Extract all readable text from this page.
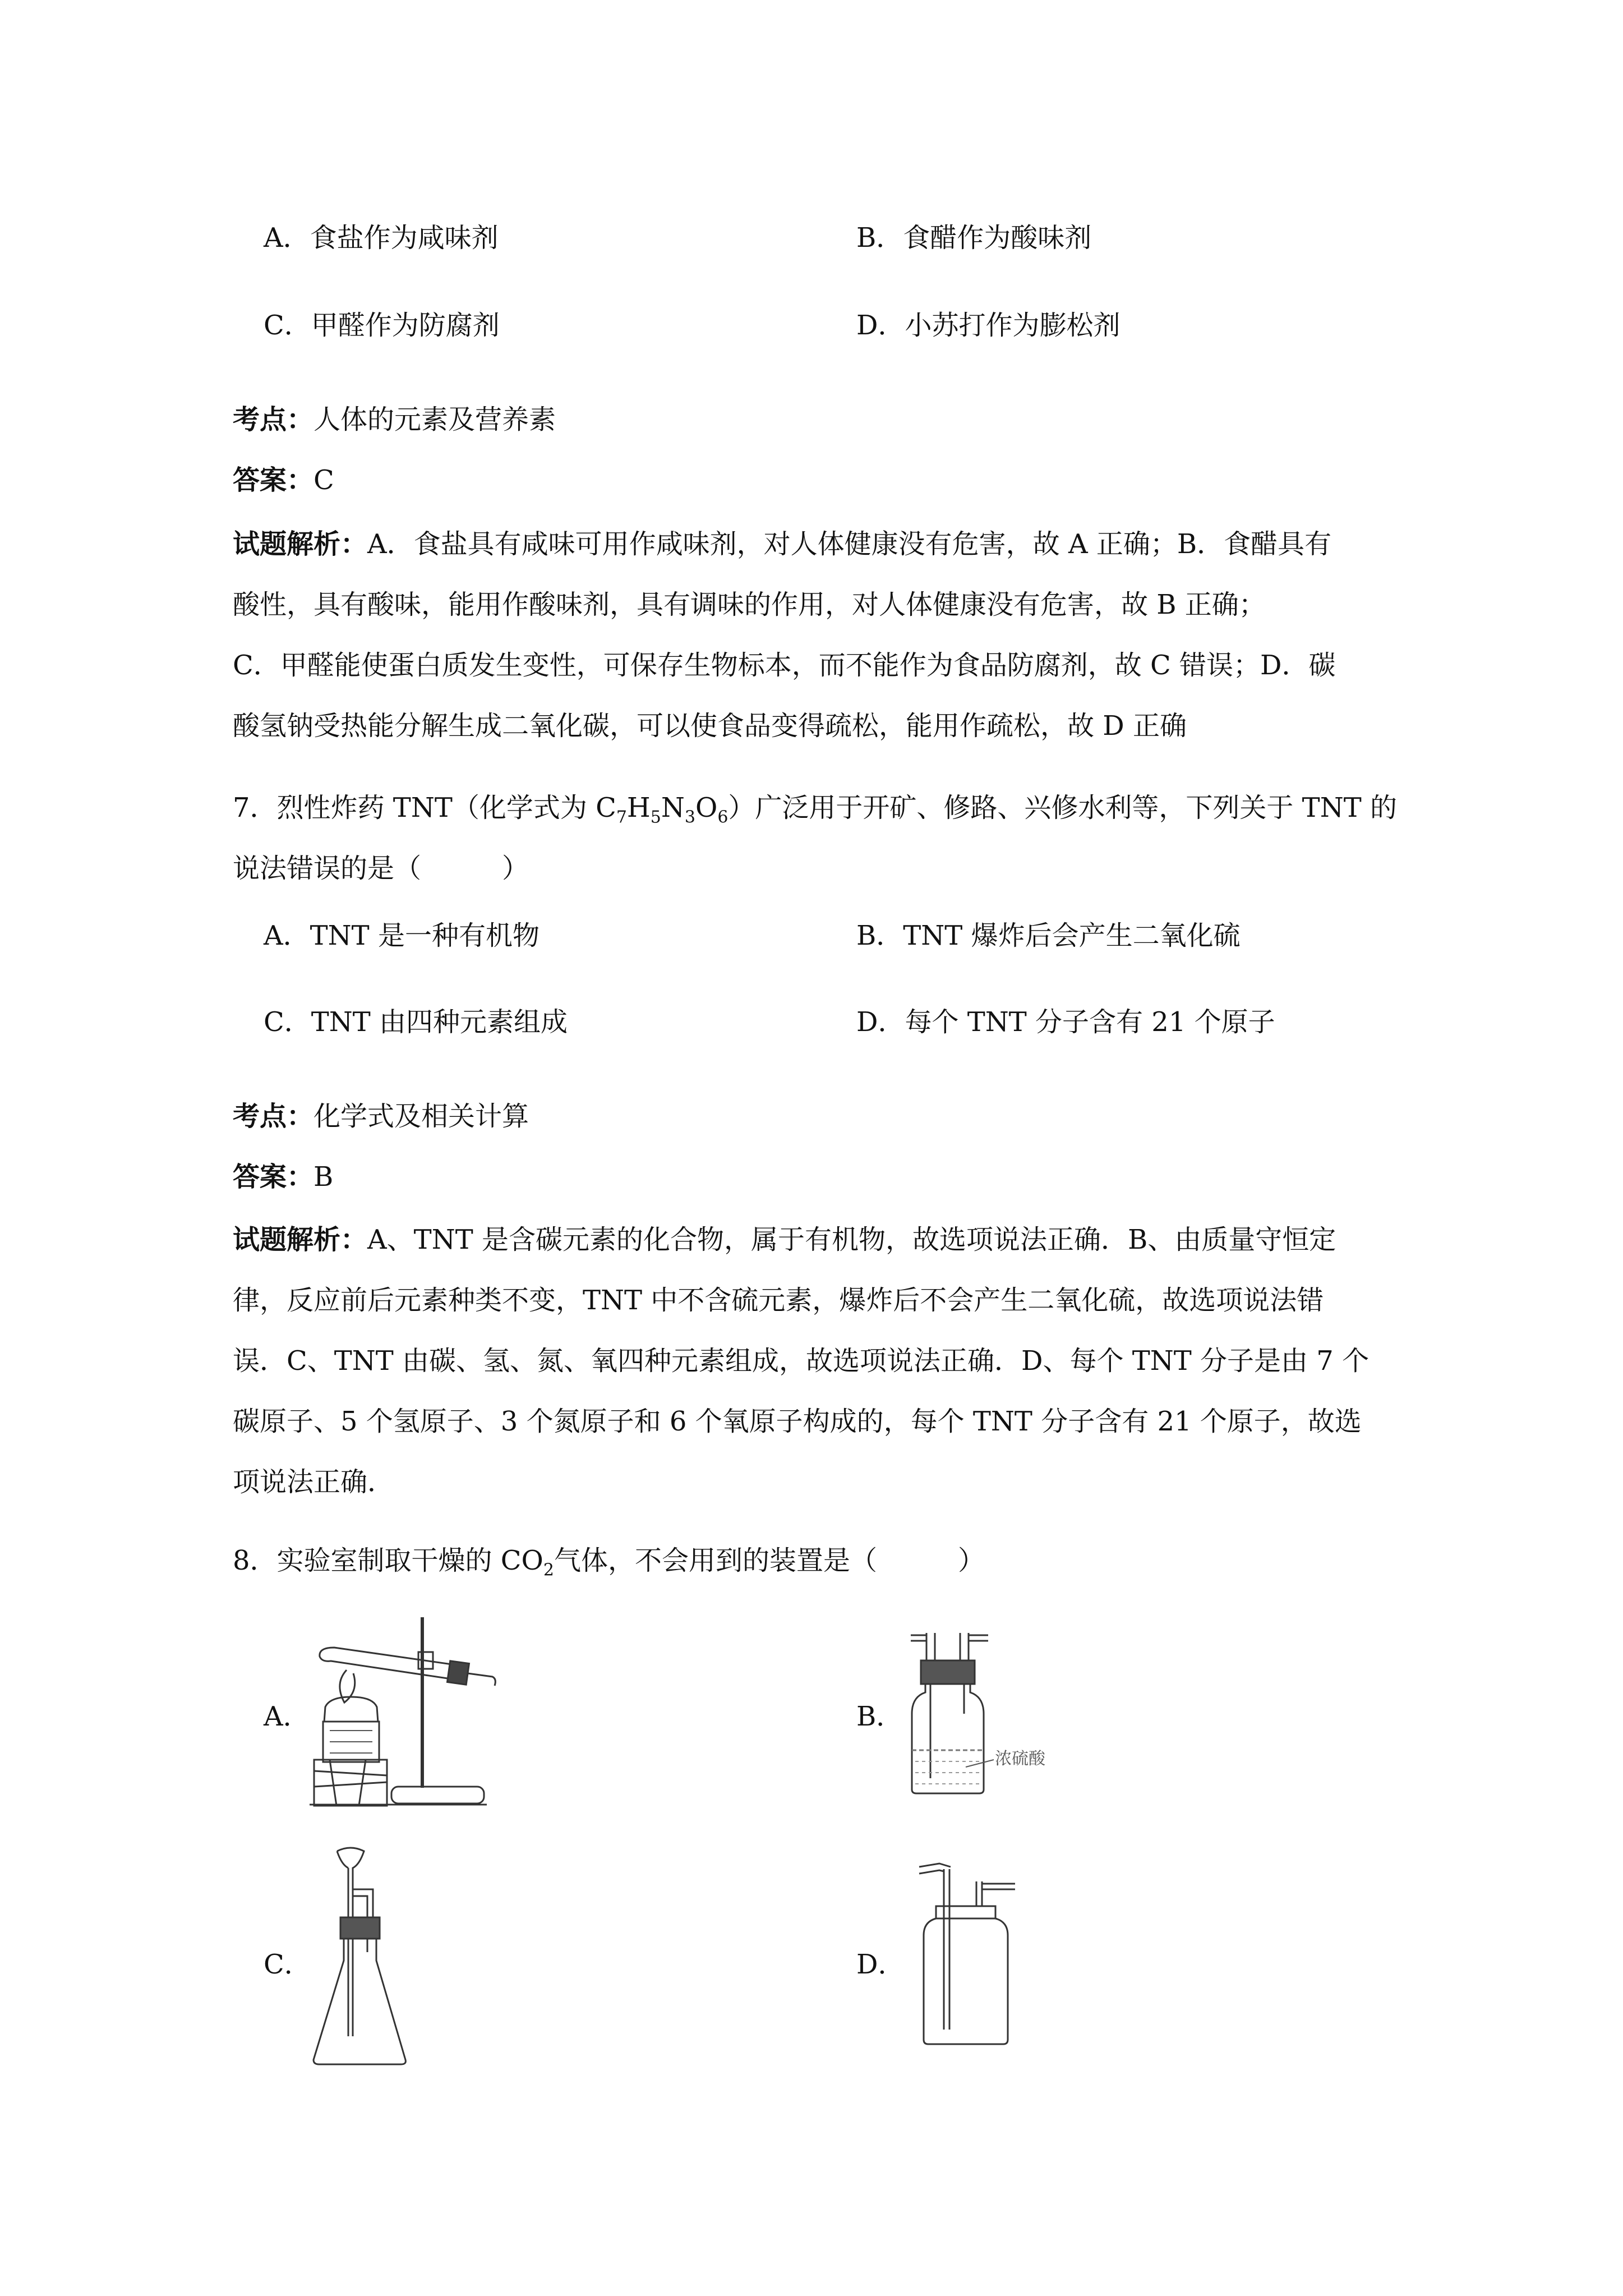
A．食盐作为咸味剂	B．食醋作为酸味剂
C．甲醛作为防腐剂	D．小苏打作为膨松剂
考点：人体的元素及营养素
答案：C
试题解析：A．食盐具有咸味可用作咸味剂，对人体健康没有危害，故 A 正确；B．食醋具有
酸性，具有酸味，能用作酸味剂，具有调味的作用，对人体健康没有危害，故 B 正确；
C．甲醛能使蛋白质发生变性，可保存生物标本，而不能作为食品防腐剂，故 C 错误；D．碳
酸氢钠受热能分解生成二氧化碳，可以使食品变得疏松，能用作疏松，故 D 正确
7．烈性炸药 TNT（化学式为 $C_7H_5N_3O_6$）广泛用于开矿、修路、兴修水利等，下列关于 TNT 的
说法错误的是（　　　）
A．TNT 是一种有机物	B．TNT 爆炸后会产生二氧化硫
C．TNT 由四种元素组成	D．每个 TNT 分子含有 21 个原子
考点：化学式及相关计算
答案：B
试题解析：A、TNT 是含碳元素的化合物，属于有机物，故选项说法正确．B、由质量守恒定
律，反应前后元素种类不变，TNT 中不含硫元素，爆炸后不会产生二氧化硫，故选项说法错
误．C、TNT 由碳、氢、氮、氧四种元素组成，故选项说法正确．D、每个 TNT 分子是由 7 个
碳原子、5 个氢原子、3 个氮原子和 6 个氧原子构成的，每个 TNT 分子含有 21 个原子，故选
项说法正确．
8．实验室制取干燥的 $CO_2$气体，不会用到的装置是（　　　）
A．	B．
C．	D．
浓硫酸
